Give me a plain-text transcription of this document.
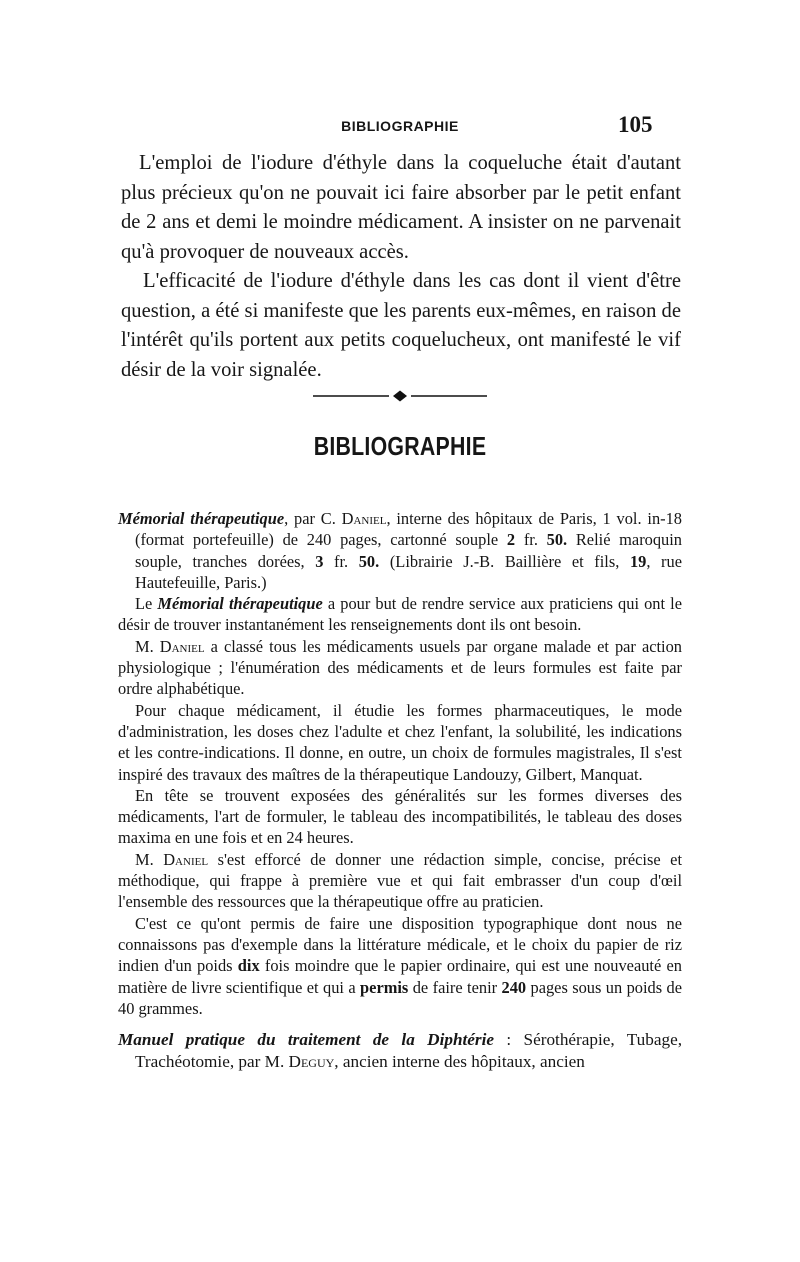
BIBLIOGRAPHIE	105

L'emploi de l'iodure d'éthyle dans la coqueluche était d'autant plus précieux qu'on ne pouvait ici faire absorber par le petit enfant de 2 ans et demi le moindre médicament. A insister on ne parvenait qu'à provoquer de nouveaux accès.

L'efficacité de l'iodure d'éthyle dans les cas dont il vient d'être question, a été si manifeste que les parents eux-mêmes, en raison de l'intérêt qu'ils portent aux petits coquelucheux, ont manifesté le vif désir de la voir signalée.

BIBLIOGRAPHIE

Mémorial thérapeutique, par C. Daniel, interne des hôpitaux de Paris, 1 vol. in-18 (format portefeuille) de 240 pages, cartonné souple 2 fr. 50. Relié maroquin souple, tranches dorées, 3 fr. 50. (Librairie J.-B. Baillière et fils, 19, rue Hautefeuille, Paris.)

Le Mémorial thérapeutique a pour but de rendre service aux praticiens qui ont le désir de trouver instantanément les renseignements dont ils ont besoin.

M. Daniel a classé tous les médicaments usuels par organe malade et par action physiologique ; l'énumération des médicaments et de leurs formules est faite par ordre alphabétique.

Pour chaque médicament, il étudie les formes pharmaceutiques, le mode d'administration, les doses chez l'adulte et chez l'enfant, la solubilité, les indications et les contre-indications. Il donne, en outre, un choix de formules magistrales, Il s'est inspiré des travaux des maîtres de la thérapeutique Landouzy, Gilbert, Manquat.

En tête se trouvent exposées des généralités sur les formes diverses des médicaments, l'art de formuler, le tableau des incompatibilités, le tableau des doses maxima en une fois et en 24 heures.

M. Daniel s'est efforcé de donner une rédaction simple, concise, précise et méthodique, qui frappe à première vue et qui fait embrasser d'un coup d'œil l'ensemble des ressources que la thérapeutique offre au praticien.

C'est ce qu'ont permis de faire une disposition typographique dont nous ne connaissons pas d'exemple dans la littérature médicale, et le choix du papier de riz indien d'un poids dix fois moindre que le papier ordinaire, qui est une nouveauté en matière de livre scientifique et qui a permis de faire tenir 240 pages sous un poids de 40 grammes.

Manuel pratique du traitement de la Diphtérie : Sérothérapie, Tubage, Trachéotomie, par M. Deguy, ancien interne des hôpitaux, ancien
